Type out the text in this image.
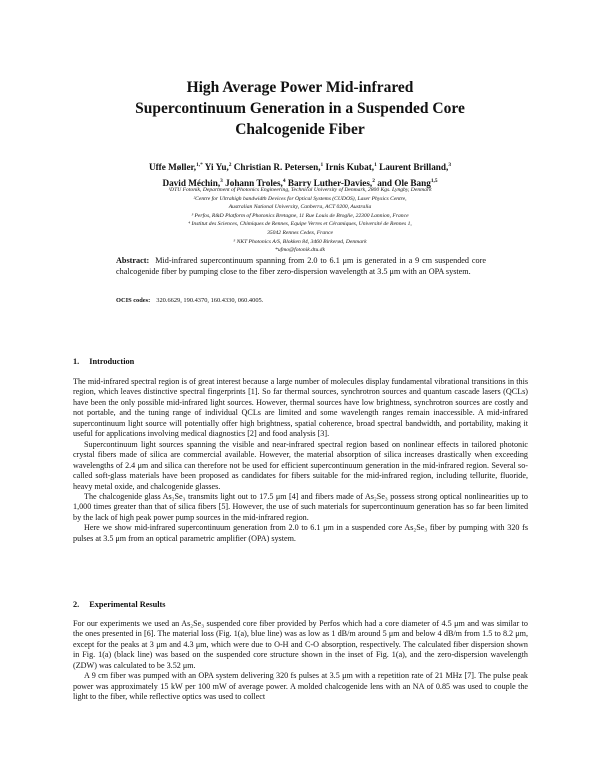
High Average Power Mid-infrared
Supercontinuum Generation in a Suspended Core
Chalcogenide Fiber
Uffe Møller,$^{1,*}$ Yi Yu,$^2$ Christian R. Petersen,$^1$ Irnis Kubat,$^1$ Laurent Brilland,$^3$
David Méchin,$^3$ Johann Troles,$^4$ Barry Luther-Davies,$^2$ and Ole Bang$^{1,5}$
¹DTU Fotonik, Department of Photonics Engineering, Technical University of Denmark, 2800 Kgs. Lyngby, Denmark
²Centre for Ultrahigh bandwidth Devices for Optical Systems (CUDOS), Laser Physics Centre,
Australian National University, Canberra, ACT 0200, Australia
³ Perfos, R&D Platform of Photonics Bretagne, 11 Rue Louis de Broglie, 22300 Lannion, France
⁴ Institut des Sciences, Chimiques de Rennes, Equipe Verres et Céramiques, Université de Rennes 1,
35042 Rennes Cedex, France
⁵ NKT Photonics A/S, Blokken 84, 3460 Birkerød, Denmark
*ufmo@fotonik.dtu.dk
Abstract: Mid-infrared supercontinuum spanning from 2.0 to 6.1 μm is generated in a 9 cm suspended core chalcogenide fiber by pumping close to the fiber zero-dispersion wavelength at 3.5 μm with an OPA system.
OCIS codes: 320.6629, 190.4370, 160.4330, 060.4005.
1. Introduction

The mid-infrared spectral region is of great interest because a large number of molecules display fundamental vibrational transitions in this region, which leaves distinctive spectral fingerprints [1]. So far thermal sources, synchrotron sources and quantum cascade lasers (QCLs) have been the only possible mid-infrared light sources. However, thermal sources have low brightness, synchrotron sources are costly and not portable, and the tuning range of individual QCLs are limited and some wavelength ranges remain inaccessible. A mid-infrared supercontinuum light source will potentially offer high brightness, spatial coherence, broad spectral bandwidth, and portability, making it useful for applications involving medical diagnostics [2] and food analysis [3].

Supercontinuum light sources spanning the visible and near-infrared spectral region based on nonlinear effects in tailored photonic crystal fibers made of silica are commercial available. However, the material absorption of silica increases drastically when exceeding wavelengths of 2.4 μm and silica can therefore not be used for efficient supercontinuum generation in the mid-infrared region. Several so-called soft-glass materials have been proposed as candidates for fibers suitable for the mid-infrared region, including tellurite, fluoride, heavy metal oxide, and chalcogenide glasses.

The chalcogenide glass As₂Se₃ transmits light out to 17.5 μm [4] and fibers made of As₂Se₃ possess strong optical nonlinearities up to 1,000 times greater than that of silica fibers [5]. However, the use of such materials for supercontinuum generation has so far been limited by the lack of high peak power pump sources in the mid-infrared region.

Here we show mid-infrared supercontinuum generation from 2.0 to 6.1 μm in a suspended core As₂Se₃ fiber by pumping with 320 fs pulses at 3.5 μm from an optical parametric amplifier (OPA) system.

2. Experimental Results

For our experiments we used an As₂Se₃ suspended core fiber provided by Perfos which had a core diameter of 4.5 μm and was similar to the ones presented in [6]. The material loss (Fig. 1(a), blue line) was as low as 1 dB/m around 5 μm and below 4 dB/m from 1.5 to 8.2 μm, except for the peaks at 3 μm and 4.3 μm, which were due to O-H and C-O absorption, respectively. The calculated fiber dispersion shown in Fig. 1(a) (black line) was based on the suspended core structure shown in the inset of Fig. 1(a), and the zero-dispersion wavelength (ZDW) was calculated to be 3.52 μm.

A 9 cm fiber was pumped with an OPA system delivering 320 fs pulses at 3.5 μm with a repetition rate of 21 MHz [7]. The pulse peak power was approximately 15 kW per 100 mW of average power. A molded chalcogenide lens with an NA of 0.85 was used to couple the light to the fiber, while reflective optics was used to collect
